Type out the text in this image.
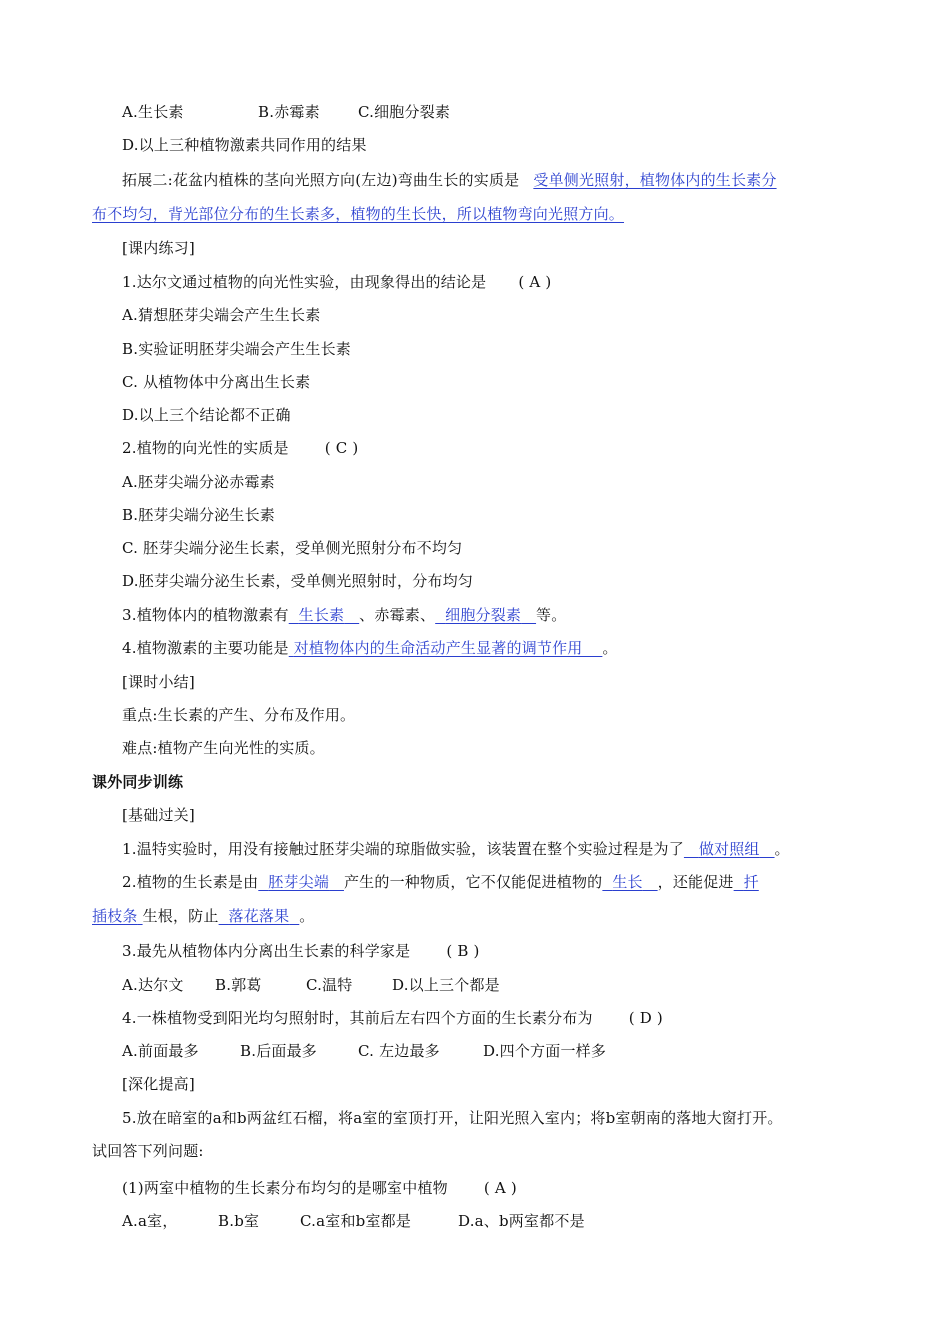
A.生长素	B.赤霉素	C.细胞分裂素
D.以上三种植物激素共同作用的结果
拓展二:花盆内植株的茎向光照方向(左边)弯曲生长的实质是 受单侧光照射，植物体内的生长素分
布不均匀，背光部位分布的生长素多，植物的生长快，所以植物弯向光照方向。
[课内练习]
1.达尔文通过植物的向光性实验，由现象得出的结论是 ( A )
A.猜想胚芽尖端会产生生长素
B.实验证明胚芽尖端会产生生长素
C. 从植物体中分离出生长素
D.以上三个结论都不正确
2.植物的向光性的实质是 ( C )
A.胚芽尖端分泌赤霉素
B.胚芽尖端分泌生长素
C. 胚芽尖端分泌生长素，受单侧光照射分布不均匀
D.胚芽尖端分泌生长素，受单侧光照射时，分布均匀
3.植物体内的植物激素有 生长素 、赤霉素、 细胞分裂素 等。
4.植物激素的主要功能是 对植物体内的生命活动产生显著的调节作用 。
[课时小结]
重点:生长素的产生、分布及作用。
难点:植物产生向光性的实质。
课外同步训练
[基础过关]
1.温特实验时，用没有接触过胚芽尖端的琼脂做实验，该装置在整个实验过程是为了 做对照组 。
2.植物的生长素是由 胚芽尖端 产生的一种物质，它不仅能促进植物的 生长 ，还能促进 扦
插枝条 生根，防止 落花落果 。
3.最先从植物体内分离出生长素的科学家是 ( B )
A.达尔文 B.郭葛	C.温特	D.以上三个都是
4.一株植物受到阳光均匀照射时，其前后左右四个方面的生长素分布为 ( D )
A.前面最多	B.后面最多	C. 左边最多	D.四个方面一样多
[深化提高]
5.放在暗室的a和b两盆红石榴，将a室的室顶打开，让阳光照入室内；将b室朝南的落地大窗打开。
试回答下列问题:
(1)两室中植物的生长素分布均匀的是哪室中植物 ( A )
A.a室，	B.b室	C.a室和b室都是	D.a、b两室都不是
